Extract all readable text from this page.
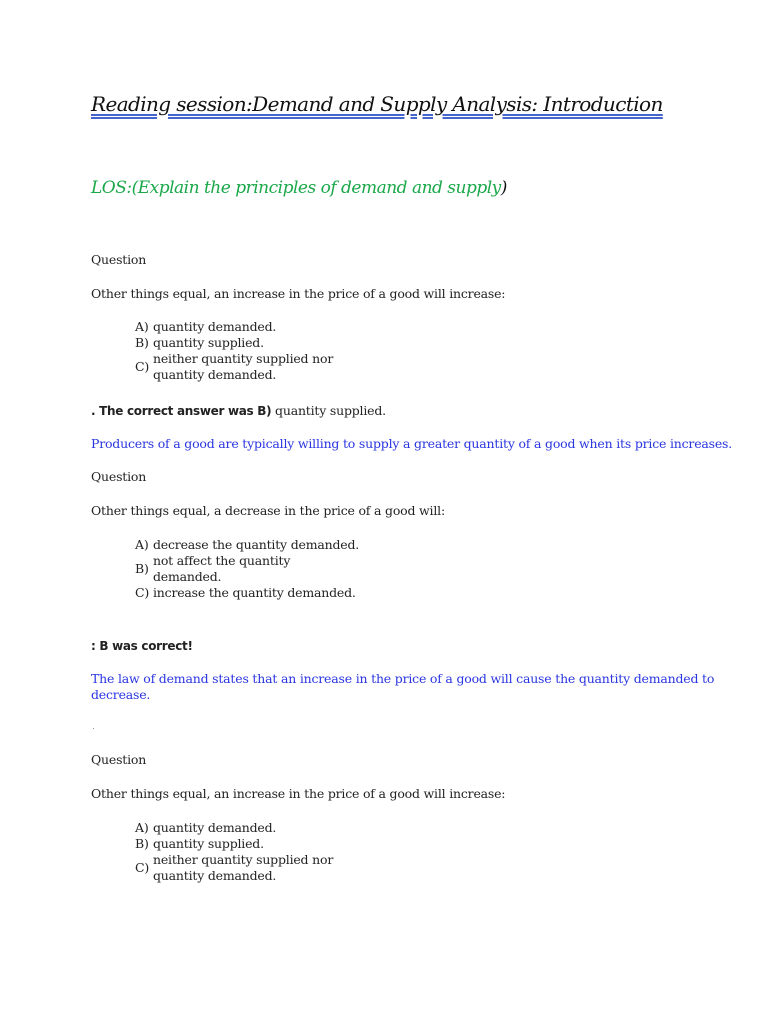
Reading session:Demand and Supply Analysis: Introduction

LOS:(Explain the principles of demand and supply)

Question
Other things equal, an increase in the price of a good will increase:
A) quantity demanded.
B) quantity supplied.
C)
neither quantity supplied nor quantity demanded.
. The correct answer was B) quantity supplied.
Producers of a good are typically willing to supply a greater quantity of a good when its price increases.
Question
Other things equal, a decrease in the price of a good will:
A) decrease the quantity demanded.
B)
not affect the quantity demanded.
C) increase the quantity demanded.
: B was correct!
The law of demand states that an increase in the price of a good will cause the quantity demanded to
decrease.
Question
Other things equal, an increase in the price of a good will increase:
A) quantity demanded.
B) quantity supplied.
C)
neither quantity supplied nor quantity demanded.
